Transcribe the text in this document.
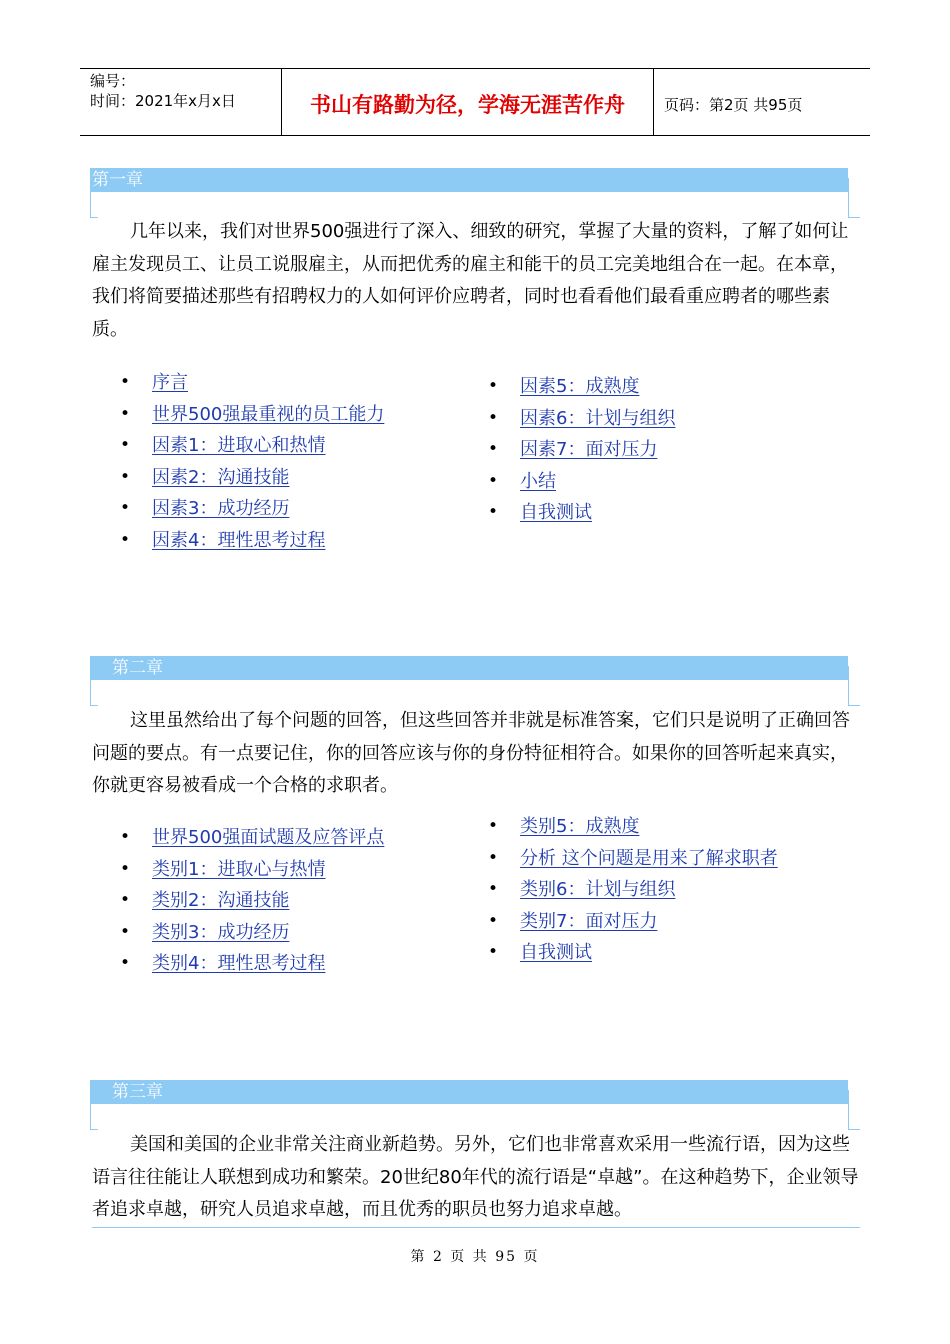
编号：
时间：2021年x月x日	书山有路勤为径，学海无涯苦作舟	页码：第2页 共95页
第一章

几年以来，我们对世界500强进行了深入、细致的研究，掌握了大量的资料，了解了如何让雇主发现员工、让员工说服雇主，从而把优秀的雇主和能干的员工完美地组合在一起。在本章，我们将简要描述那些有招聘权力的人如何评价应聘者，同时也看看他们最看重应聘者的哪些素质。

• 序言
• 世界500强最重视的员工能力
• 因素1：进取心和热情
• 因素2：沟通技能
• 因素3：成功经历
• 因素4：理性思考过程
• 因素5：成熟度
• 因素6：计划与组织
• 因素7：面对压力
• 小结
• 自我测试
第二章

这里虽然给出了每个问题的回答，但这些回答并非就是标准答案，它们只是说明了正确回答问题的要点。有一点要记住，你的回答应该与你的身份特征相符合。如果你的回答听起来真实，你就更容易被看成一个合格的求职者。

• 世界500强面试题及应答评点
• 类别1：进取心与热情
• 类别2：沟通技能
• 类别3：成功经历
• 类别4：理性思考过程
• 类别5：成熟度
• 分析 这个问题是用来了解求职者
• 类别6：计划与组织
• 类别7：面对压力
• 自我测试
第三章

美国和美国的企业非常关注商业新趋势。另外，它们也非常喜欢采用一些流行语，因为这些语言往往能让人联想到成功和繁荣。20世纪80年代的流行语是“卓越”。在这种趋势下，企业领导者追求卓越，研究人员追求卓越，而且优秀的职员也努力追求卓越。

第 2 页 共 95 页
